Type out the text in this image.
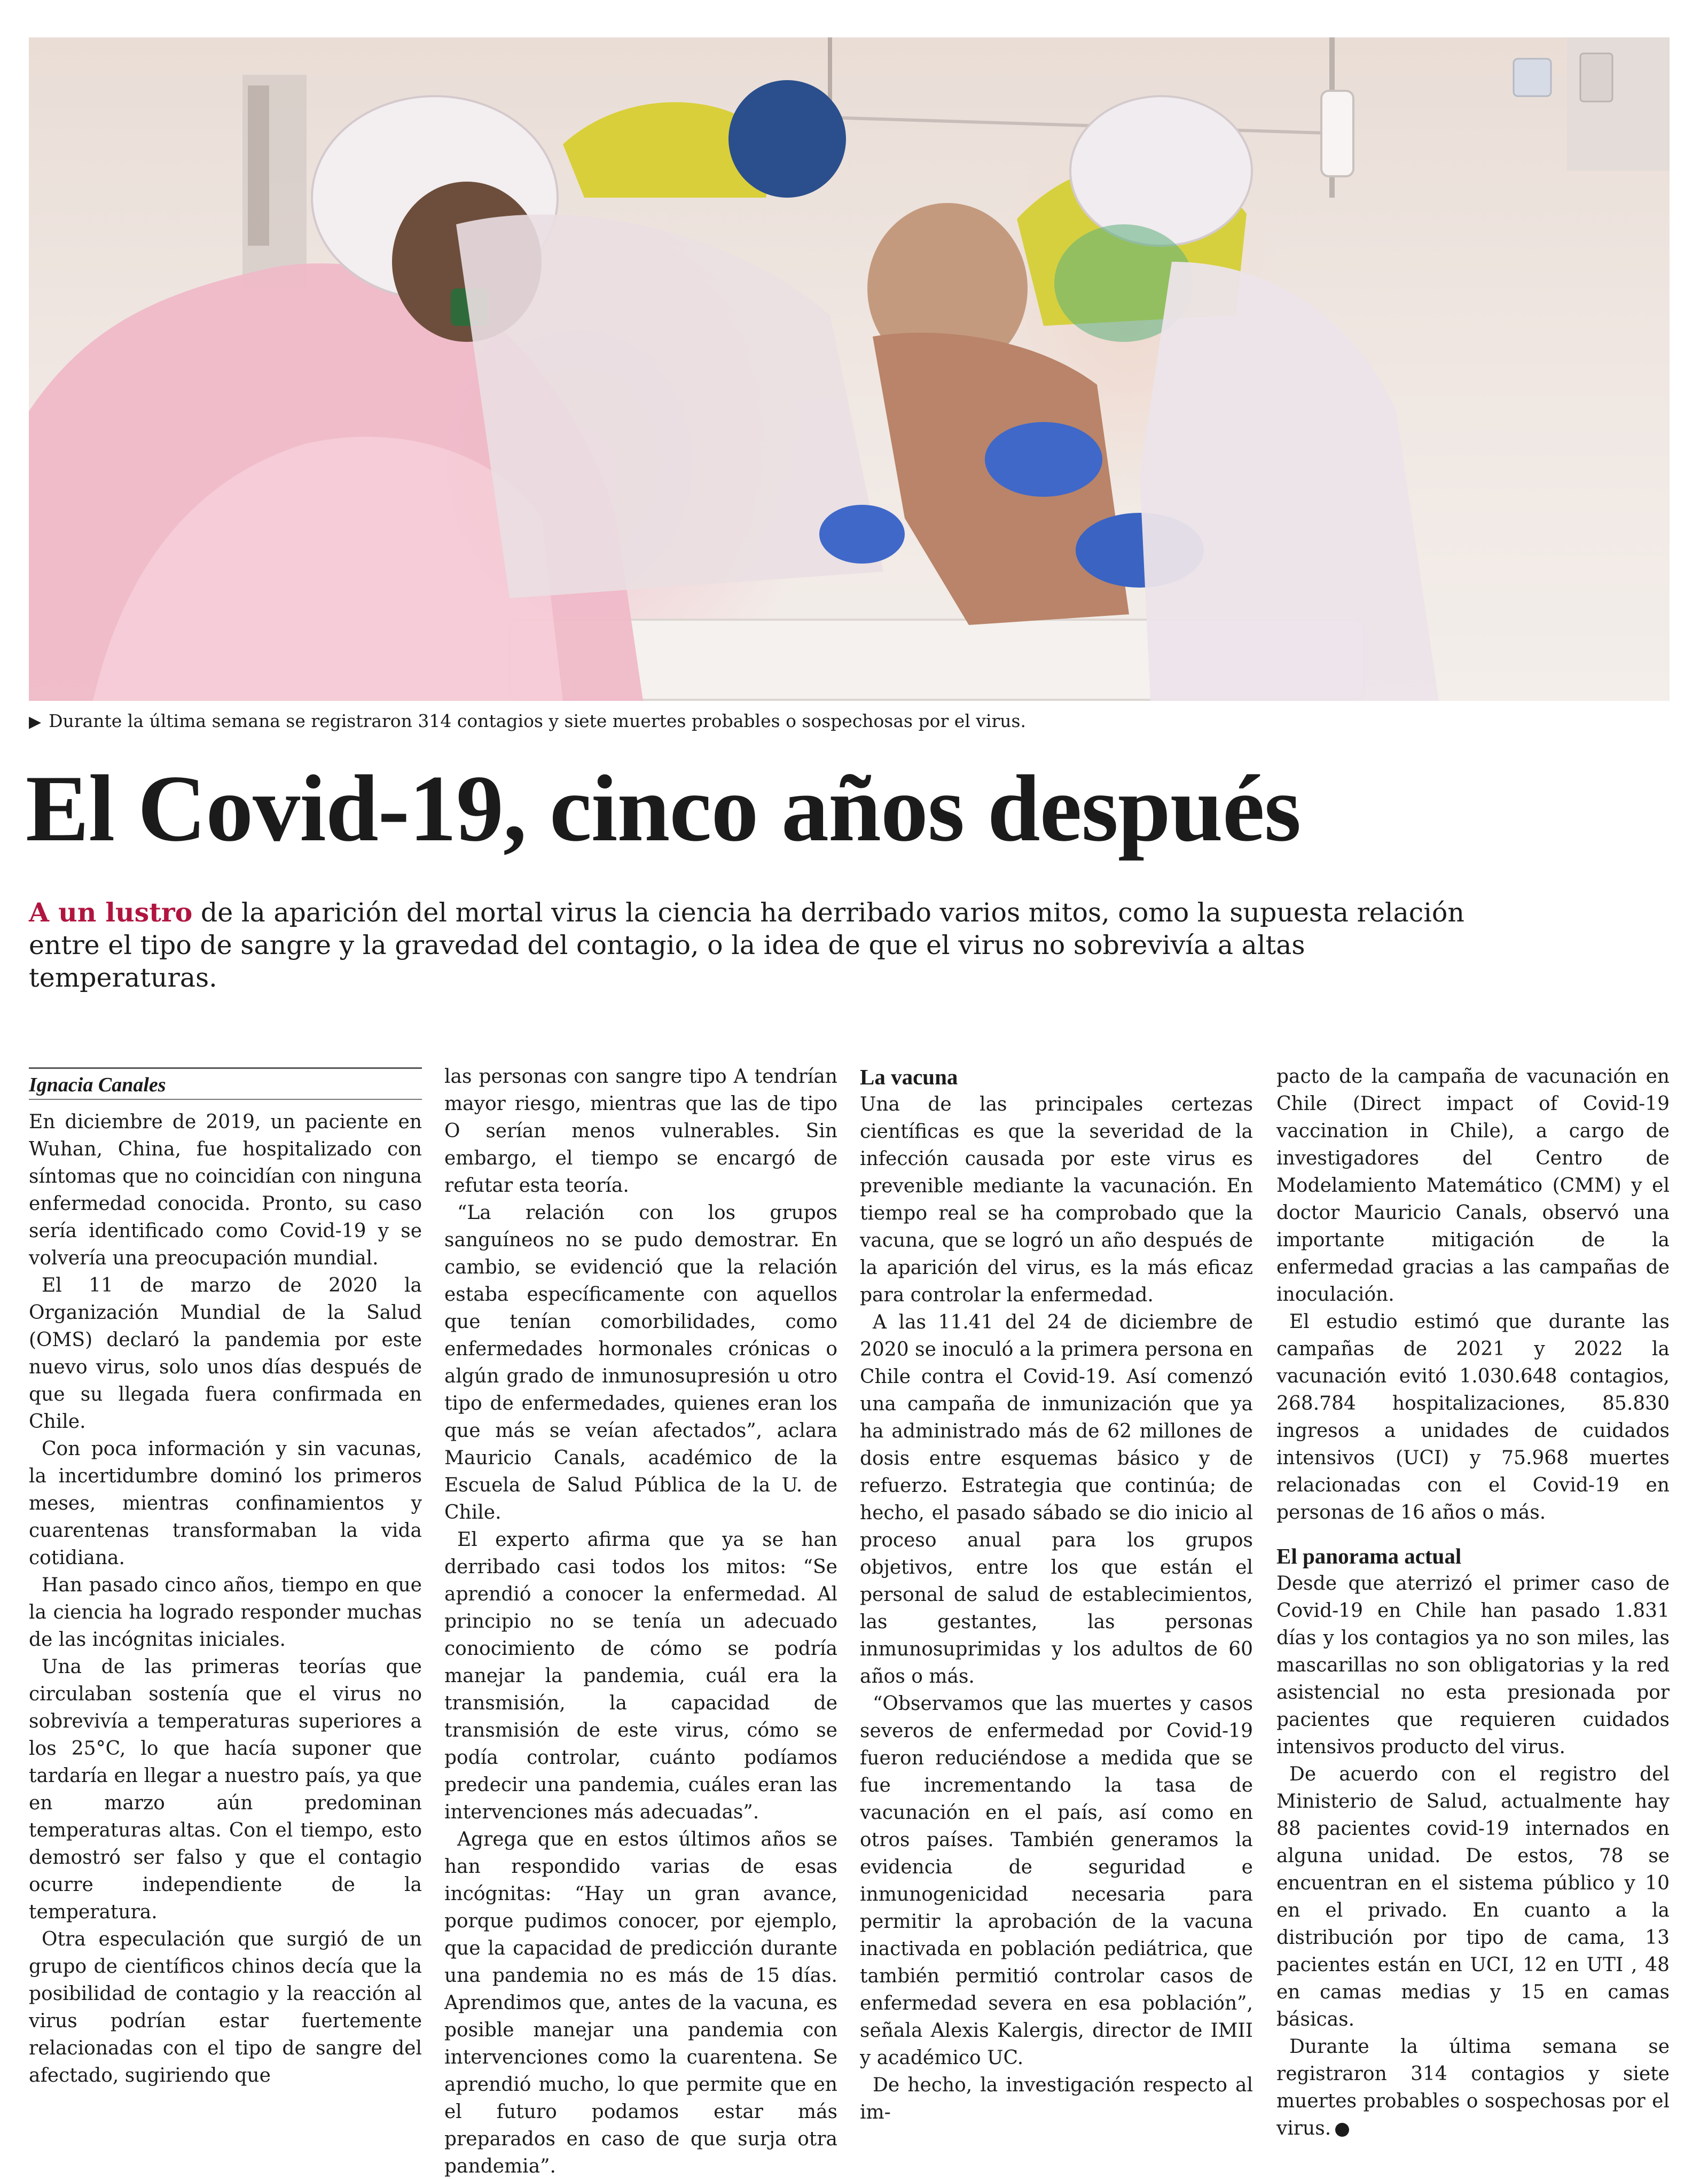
▶ Durante la última semana se registraron 314 contagios y siete muertes probables o sospechosas por el virus.
El Covid-19, cinco años después
A un lustro de la aparición del mortal virus la ciencia ha derribado varios mitos, como la supuesta relación entre el tipo de sangre y la gravedad del contagio, o la idea de que el virus no sobrevivía a altas temperaturas.
Ignacia Canales

En diciembre de 2019, un paciente en Wuhan, China, fue hospitalizado con síntomas que no coincidían con ninguna enfermedad conocida. Pronto, su caso sería identificado como Covid-19 y se volvería una preocupación mundial.

El 11 de marzo de 2020 la Organización Mundial de la Salud (OMS) declaró la pandemia por este nuevo virus, solo unos días después de que su llegada fuera confirmada en Chile.

Con poca información y sin vacunas, la incertidumbre dominó los primeros meses, mientras confinamientos y cuarentenas transformaban la vida cotidiana.

Han pasado cinco años, tiempo en que la ciencia ha logrado responder muchas de las incógnitas iniciales.

Una de las primeras teorías que circulaban sostenía que el virus no sobrevivía a temperaturas superiores a los 25°C, lo que hacía suponer que tardaría en llegar a nuestro país, ya que en marzo aún predominan temperaturas altas. Con el tiempo, esto demostró ser falso y que el contagio ocurre independiente de la temperatura.

Otra especulación que surgió de un grupo de científicos chinos decía que la posibilidad de contagio y la reacción al virus podrían estar fuertemente relacionadas con el tipo de sangre del afectado, sugiriendo que

las personas con sangre tipo A tendrían mayor riesgo, mientras que las de tipo O serían menos vulnerables. Sin embargo, el tiempo se encargó de refutar esta teoría.

“La relación con los grupos sanguíneos no se pudo demostrar. En cambio, se evidenció que la relación estaba específicamente con aquellos que tenían comorbilidades, como enfermedades hormonales crónicas o algún grado de inmunosupresión u otro tipo de enfermedades, quienes eran los que más se veían afectados”, aclara Mauricio Canals, académico de la Escuela de Salud Pública de la U. de Chile.

El experto afirma que ya se han derribado casi todos los mitos: “Se aprendió a conocer la enfermedad. Al principio no se tenía un adecuado conocimiento de cómo se podría manejar la pandemia, cuál era la transmisión, la capacidad de transmisión de este virus, cómo se podía controlar, cuánto podíamos predecir una pandemia, cuáles eran las intervenciones más adecuadas”.

Agrega que en estos últimos años se han respondido varias de esas incógnitas: “Hay un gran avance, porque pudimos conocer, por ejemplo, que la capacidad de predicción durante una pandemia no es más de 15 días. Aprendimos que, antes de la vacuna, es posible manejar una pandemia con intervenciones como la cuarentena. Se aprendió mucho, lo que permite que en el futuro podamos estar más preparados en caso de que surja otra pandemia”.

La vacuna

Una de las principales certezas científicas es que la severidad de la infección causada por este virus es prevenible mediante la vacunación. En tiempo real se ha comprobado que la vacuna, que se logró un año después de la aparición del virus, es la más eficaz para controlar la enfermedad.

A las 11.41 del 24 de diciembre de 2020 se inoculó a la primera persona en Chile contra el Covid-19. Así comenzó una campaña de inmunización que ya ha administrado más de 62 millones de dosis entre esquemas básico y de refuerzo. Estrategia que continúa; de hecho, el pasado sábado se dio inicio al proceso anual para los grupos objetivos, entre los que están el personal de salud de establecimientos, las gestantes, las personas inmunosuprimidas y los adultos de 60 años o más.

“Observamos que las muertes y casos severos de enfermedad por Covid-19 fueron reduciéndose a medida que se fue incrementando la tasa de vacunación en el país, así como en otros países. También generamos la evidencia de seguridad e inmunogenicidad necesaria para permitir la aprobación de la vacuna inactivada en población pediátrica, que también permitió controlar casos de enfermedad severa en esa población”, señala Alexis Kalergis, director de IMII y académico UC.

De hecho, la investigación respecto al im-

pacto de la campaña de vacunación en Chile (Direct impact of Covid-19 vaccination in Chile), a cargo de investigadores del Centro de Modelamiento Matemático (CMM) y el doctor Mauricio Canals, observó una importante mitigación de la enfermedad gracias a las campañas de inoculación.

El estudio estimó que durante las campañas de 2021 y 2022 la vacunación evitó 1.030.648 contagios, 268.784 hospitalizaciones, 85.830 ingresos a unidades de cuidados intensivos (UCI) y 75.968 muertes relacionadas con el Covid-19 en personas de 16 años o más.

El panorama actual

Desde que aterrizó el primer caso de Covid-19 en Chile han pasado 1.831 días y los contagios ya no son miles, las mascarillas no son obligatorias y la red asistencial no esta presionada por pacientes que requieren cuidados intensivos producto del virus.

De acuerdo con el registro del Ministerio de Salud, actualmente hay 88 pacientes covid-19 internados en alguna unidad. De estos, 78 se encuentran en el sistema público y 10 en el privado. En cuanto a la distribución por tipo de cama, 13 pacientes están en UCI, 12 en UTI , 48 en camas medias y 15 en camas básicas.

Durante la última semana se registraron 314 contagios y siete muertes probables o sospechosas por el virus.
